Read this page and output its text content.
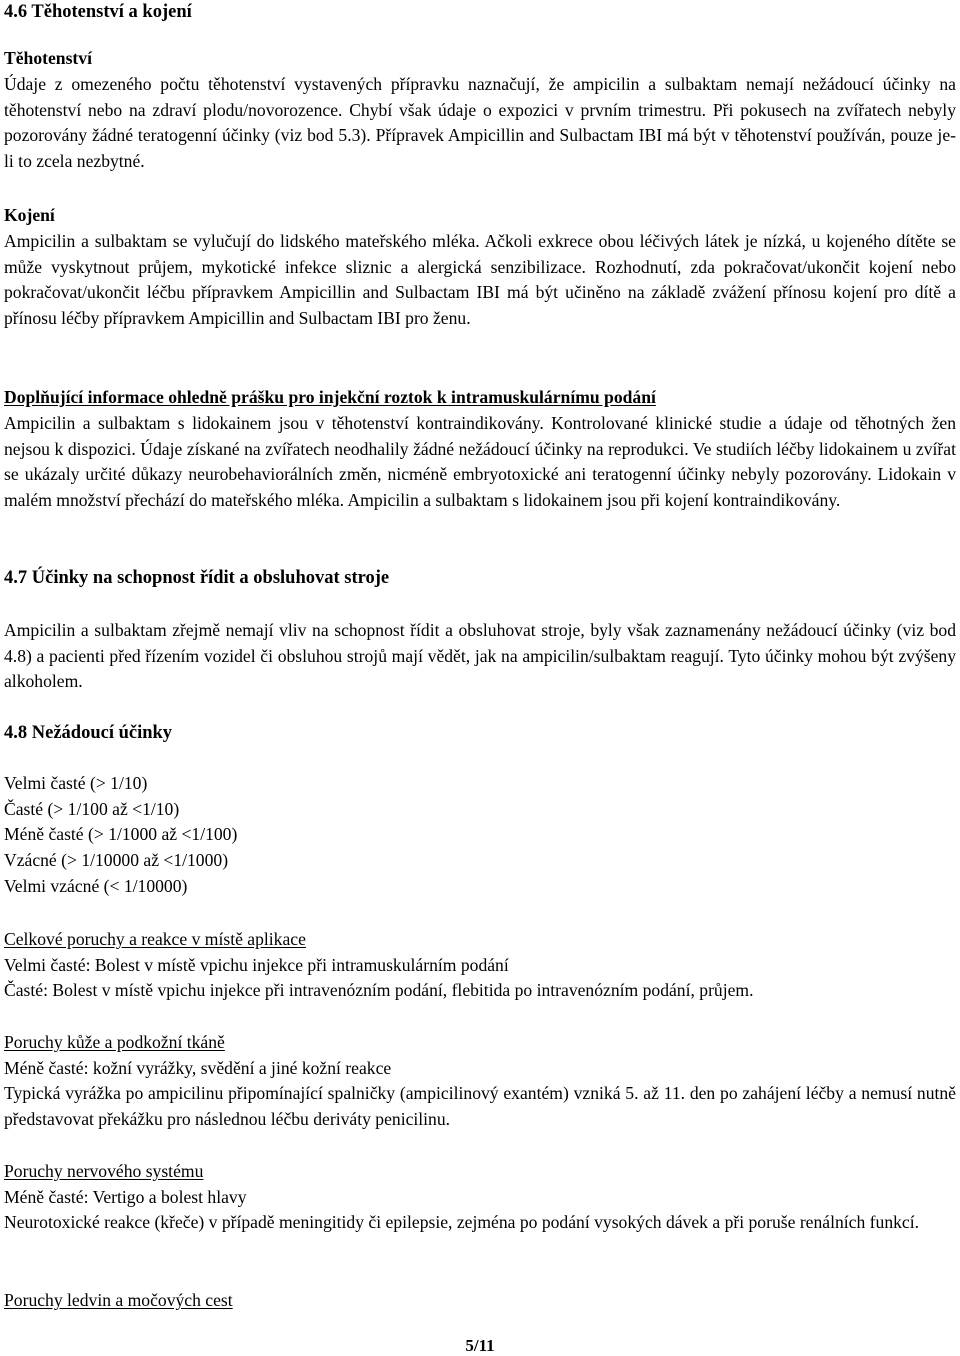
4.6 Těhotenství a kojení
Těhotenství

Údaje z omezeného počtu těhotenství vystavených přípravku naznačují, že ampicilin a sulbaktam nemají nežádoucí účinky na těhotenství nebo na zdraví plodu/novorozence. Chybí však údaje o expozici v prvním trimestru. Při pokusech na zvířatech nebyly pozorovány žádné teratogenní účinky (viz bod 5.3). Přípravek Ampicillin and Sulbactam IBI má být v těhotenství používán, pouze je-li to zcela nezbytné.

Kojení

Ampicilin a sulbaktam se vylučují do lidského mateřského mléka. Ačkoli exkrece obou léčivých látek je nízká, u kojeného dítěte se může vyskytnout průjem, mykotické infekce sliznic a alergická senzibilizace. Rozhodnutí, zda pokračovat/ukončit kojení nebo pokračovat/ukončit léčbu přípravkem Ampicillin and Sulbactam IBI má být učiněno na základě zvážení přínosu kojení pro dítě a přínosu léčby přípravkem Ampicillin and Sulbactam IBI pro ženu.

Doplňující informace ohledně prášku pro injekční roztok k intramuskulárnímu podání

Ampicilin a sulbaktam s lidokainem jsou v těhotenství kontraindikovány. Kontrolované klinické studie a údaje od těhotných žen nejsou k dispozici. Údaje získané na zvířatech neodhalily žádné nežádoucí účinky na reprodukci. Ve studiích léčby lidokainem u zvířat se ukázaly určité důkazy neurobehaviorálních změn, nicméně embryotoxické ani teratogenní účinky nebyly pozorovány. Lidokain v malém množství přechází do mateřského mléka. Ampicilin a sulbaktam s lidokainem jsou při kojení kontraindikovány.

4.7 Účinky na schopnost řídit a obsluhovat stroje

Ampicilin a sulbaktam zřejmě nemají vliv na schopnost řídit a obsluhovat stroje, byly však zaznamenány nežádoucí účinky (viz bod 4.8) a pacienti před řízením vozidel či obsluhou strojů mají vědět, jak na ampicilin/sulbaktam reagují. Tyto účinky mohou být zvýšeny alkoholem.

4.8 Nežádoucí účinky
Velmi časté (> 1/10)
Časté (> 1/100 až <1/10)
Méně časté (> 1/1000 až <1/100)
Vzácné (> 1/10000 až <1/1000)
Velmi vzácné (< 1/10000)
Celkové poruchy a reakce v místě aplikace
Velmi časté: Bolest v místě vpichu injekce při intramuskulárním podání
Časté: Bolest v místě vpichu injekce při intravenózním podání, flebitida po intravenózním podání, průjem.
Poruchy kůže a podkožní tkáně
Méně časté: kožní vyrážky, svědění a jiné kožní reakce
Typická vyrážka po ampicilinu připomínající spalničky (ampicilinový exantém) vzniká 5. až 11. den po zahájení léčby a nemusí nutně představovat překážku pro následnou léčbu deriváty penicilinu.
Poruchy nervového systému
Méně časté: Vertigo a bolest hlavy
Neurotoxické reakce (křeče) v případě meningitidy či epilepsie, zejména po podání vysokých dávek a při poruše renálních funkcí.
Poruchy ledvin a močových cest
5/11
